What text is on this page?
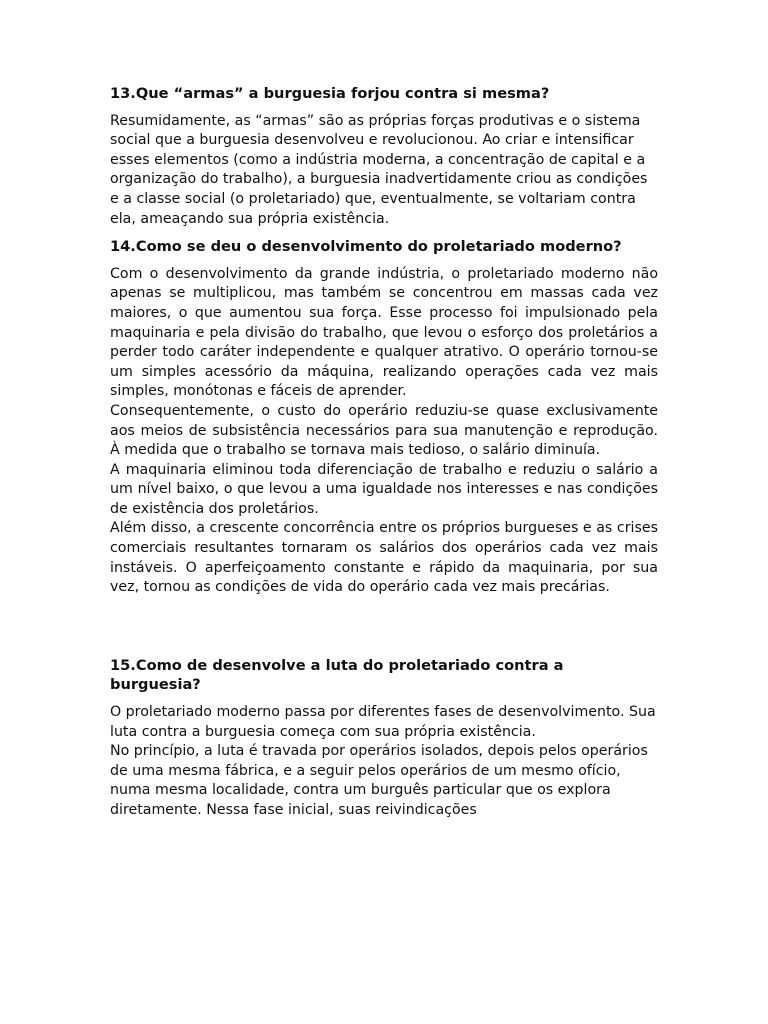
13.Que “armas” a burguesia forjou contra si mesma?

Resumidamente, as “armas” são as próprias forças produtivas e o sistema social que a burguesia desenvolveu e revolucionou. Ao criar e intensificar esses elementos (como a indústria moderna, a concentração de capital e a organização do trabalho), a burguesia inadvertidamente criou as condições e a classe social (o proletariado) que, eventualmente, se voltariam contra ela, ameaçando sua própria existência.

14.Como se deu o desenvolvimento do proletariado moderno?

Com o desenvolvimento da grande indústria, o proletariado moderno não apenas se multiplicou, mas também se concentrou em massas cada vez maiores, o que aumentou sua força. Esse processo foi impulsionado pela maquinaria e pela divisão do trabalho, que levou o esforço dos proletários a perder todo caráter independente e qualquer atrativo. O operário tornou-se um simples acessório da máquina, realizando operações cada vez mais simples, monótonas e fáceis de aprender.

Consequentemente, o custo do operário reduziu-se quase exclusivamente aos meios de subsistência necessários para sua manutenção e reprodução. À medida que o trabalho se tornava mais tedioso, o salário diminuía.

A maquinaria eliminou toda diferenciação de trabalho e reduziu o salário a um nível baixo, o que levou a uma igualdade nos interesses e nas condições de existência dos proletários.

Além disso, a crescente concorrência entre os próprios burgueses e as crises comerciais resultantes tornaram os salários dos operários cada vez mais instáveis. O aperfeiçoamento constante e rápido da maquinaria, por sua vez, tornou as condições de vida do operário cada vez mais precárias.

15.Como de desenvolve a luta do proletariado contra a burguesia?

O proletariado moderno passa por diferentes fases de desenvolvimento. Sua luta contra a burguesia começa com sua própria existência.

No princípio, a luta é travada por operários isolados, depois pelos operários de uma mesma fábrica, e a seguir pelos operários de um mesmo ofício, numa mesma localidade, contra um burguês particular que os explora diretamente. Nessa fase inicial, suas reivindicações
